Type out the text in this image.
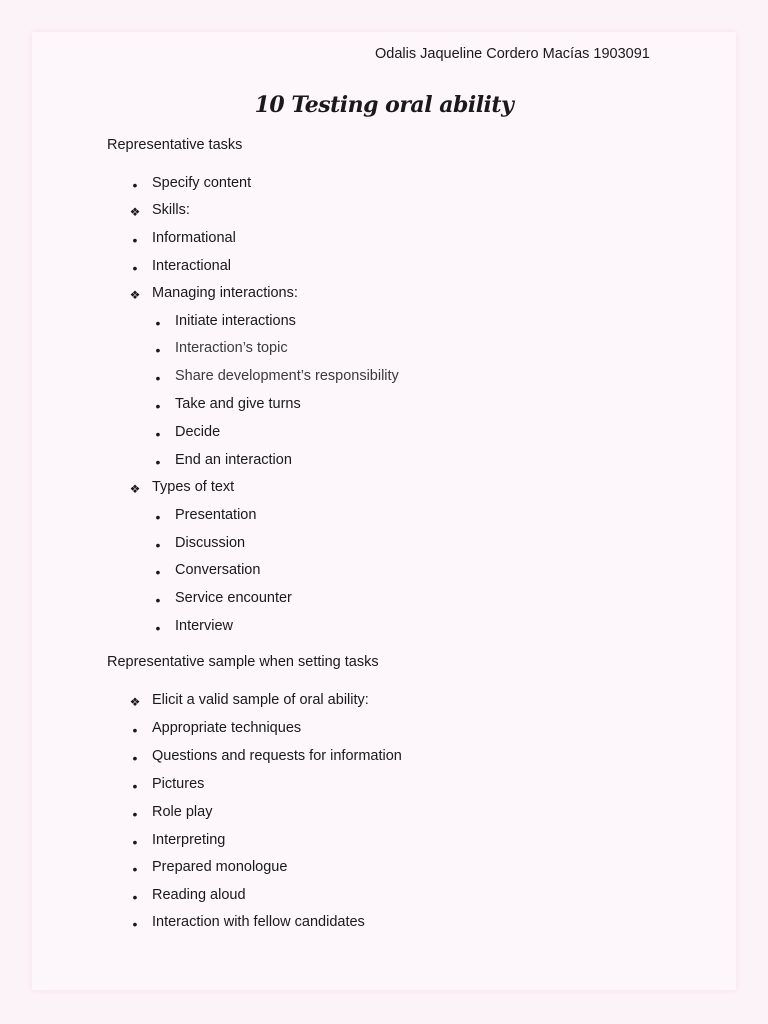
Odalis Jaqueline Cordero Macías 1903091
10 Testing oral ability
Representative tasks
•
Specify content
❖
Skills:
•
Informational
•
Interactional
❖
Managing interactions:
•
Initiate interactions
•
Interaction’s topic
•
Share development’s responsibility
•
Take and give turns
•
Decide
•
End an interaction
❖
Types of text
•
Presentation
•
Discussion
•
Conversation
•
Service encounter
•
Interview
Representative sample when setting tasks
❖
Elicit a valid sample of oral ability:
•
Appropriate techniques
•
Questions and requests for information
•
Pictures
•
Role play
•
Interpreting
•
Prepared monologue
•
Reading aloud
•
Interaction with fellow candidates
